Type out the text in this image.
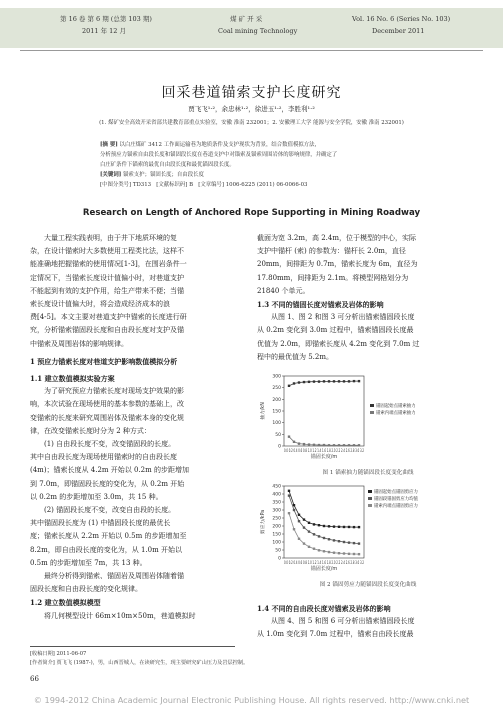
第 16 卷 第 6 期 (总第 103 期)
2011 年 12 月
煤 矿 开 采
Coal mining Technology
Vol. 16 No. 6 (Series No. 103)
December 2011
回采巷道锚索支护长度研究
贾飞飞¹·²，余忠林¹·²，徐进玉¹·²，李胜利¹·²
(1. 煤矿安全高效开采省部共建教育部重点实验室，安徽 淮南 232001；2. 安徽理工大学 能源与安全学院，安徽 淮南 232001)
[摘 要] 以白庄煤矿 3412 工作面运输巷为地质条件及支护现状为背景，结合数值模拟方法，
分析预应力锚索自由段长度和锚固段长度在巷道支护中对锚索及锚索周围岩体的影响规律，并确定了
白庄矿条件下锚索的最优自由段长度和最优锚固段长度。
[关键词] 锚索支护；锚固长度；自由段长度
[中图分类号] TD313 [文献标识码] B [文章编号] 1006-6225 (2011) 06-0066-03
Research on Length of Anchored Rope Supporting in Mining Roadway
大量工程实践表明，由于井下地质环境的复
杂，在设计锚索时大多数使用工程类比法，这样不
能准确地把握锚索的使用情况[1-3]，在围岩条件一
定情况下，当锚索长度设计值偏小时，对巷道支护
不能起到有效的支护作用，给生产带来不便；当锚
索长度设计值偏大时，将会造成经济成本的浪
费[4-5]。本文主要对巷道支护中锚索的长度进行研
究，分析锚索锚固段长度和自由段长度对支护及锚
中锚索及周围岩体的影响规律。
1 预应力锚索长度对巷道支护影响数值模拟分析
1.1 建立数值模拟实验方案
为了研究预应力锚索长度对现场支护效果的影
响，本次试验在现场使用的基本参数的基础上，改
变锚索的长度来研究周围岩体及锚索本身的变化规
律，在改变锚索长度时分为 2 种方式：
(1) 自由段长度不变，改变锚固段的长度。
其中自由段长度为现场使用锚索时的自由段长度
(4m)；锚索长度从 4.2m 开始以 0.2m 的步距增加
到 7.0m，即锚固段长度的变化为，从 0.2m 开始
以 0.2m 的步距增加至 3.0m，共 15 种。
(2) 锚固段长度不变，改变自由段的长度。
其中锚固段长度为 (1) 中锚固段长度的最优长
度；锚索长度从 2.2m 开始以 0.5m 的步距增加至
8.2m，即自由段长度的变化为，从 1.0m 开始以
0.5m 的步距增加至 7m，共 13 种。
最终分析得到锚索、锚固岩及周围岩体随着锚
固段长度和自由段长度的变化规律。
1.2 建立数值模拟模型
将几何模型设计 66m×10m×50m，巷道模拟时
[收稿日期] 2011-06-07
[作者简介] 贾飞飞 (1987-)，男，山西晋城人，在读研究生，现主要研究矿山压力及岩层控制。
66
截面为宽 3.2m，高 2.4m，位于模型的中心，实际
支护中锚杆 (索) 的参数为：锚杆长 2.0m，直径
20mm，间排距为 0.7m，锚索长度为 6m，直径为
17.80mm，间排距为 2.1m。将模型网格划分为
21840 个单元。
1.3 不同的锚固长度对锚索及岩体的影响
从图 1、图 2 和图 3 可分析出锚索锚固段长度
从 0.2m 变化到 3.0m 过程中，锚索锚固段长度最
优值为 2.0m，即锚索长度从 4.2m 变化到 7.0m 过
程中的最优值为 5.2m。
0
50
100
150
200
250
300
0.0 0.2 0.4 0.6 0.8 1.0 1.2 1.4 1.6 1.8 2.0 2.2 2.4 2.6 2.8 3.0 3.2
锚固长度/m
抽力/kN	锚固起始点锚索抽力
锚索内端点锚索抽力
图 1 锚索抽力随锚固段长度变化曲线
0
50
100
150
200
250
300
350
400
450
0.0 0.2 0.4 0.6 0.8 1.0 1.2 1.4 1.6 1.8 2.0 2.2 2.4 2.6 2.8 3.0 3.2
锚固长度/m
剪应力/kPa
锚固起始点锚固剪应力
锚固段锚固剪应力均值
锚索内端点锚固剪应力
图 2 锚固剪应力随锚固段长度变化曲线
1.4 不同的自由段长度对锚索及岩体的影响
从图 4、图 5 和图 6 可分析出锚索锚固段长度
从 1.0m 变化到 7.0m 过程中，锚索自由段长度最
© 1994-2012 China Academic Journal Electronic Publishing House. All rights reserved. http://www.cnki.net
